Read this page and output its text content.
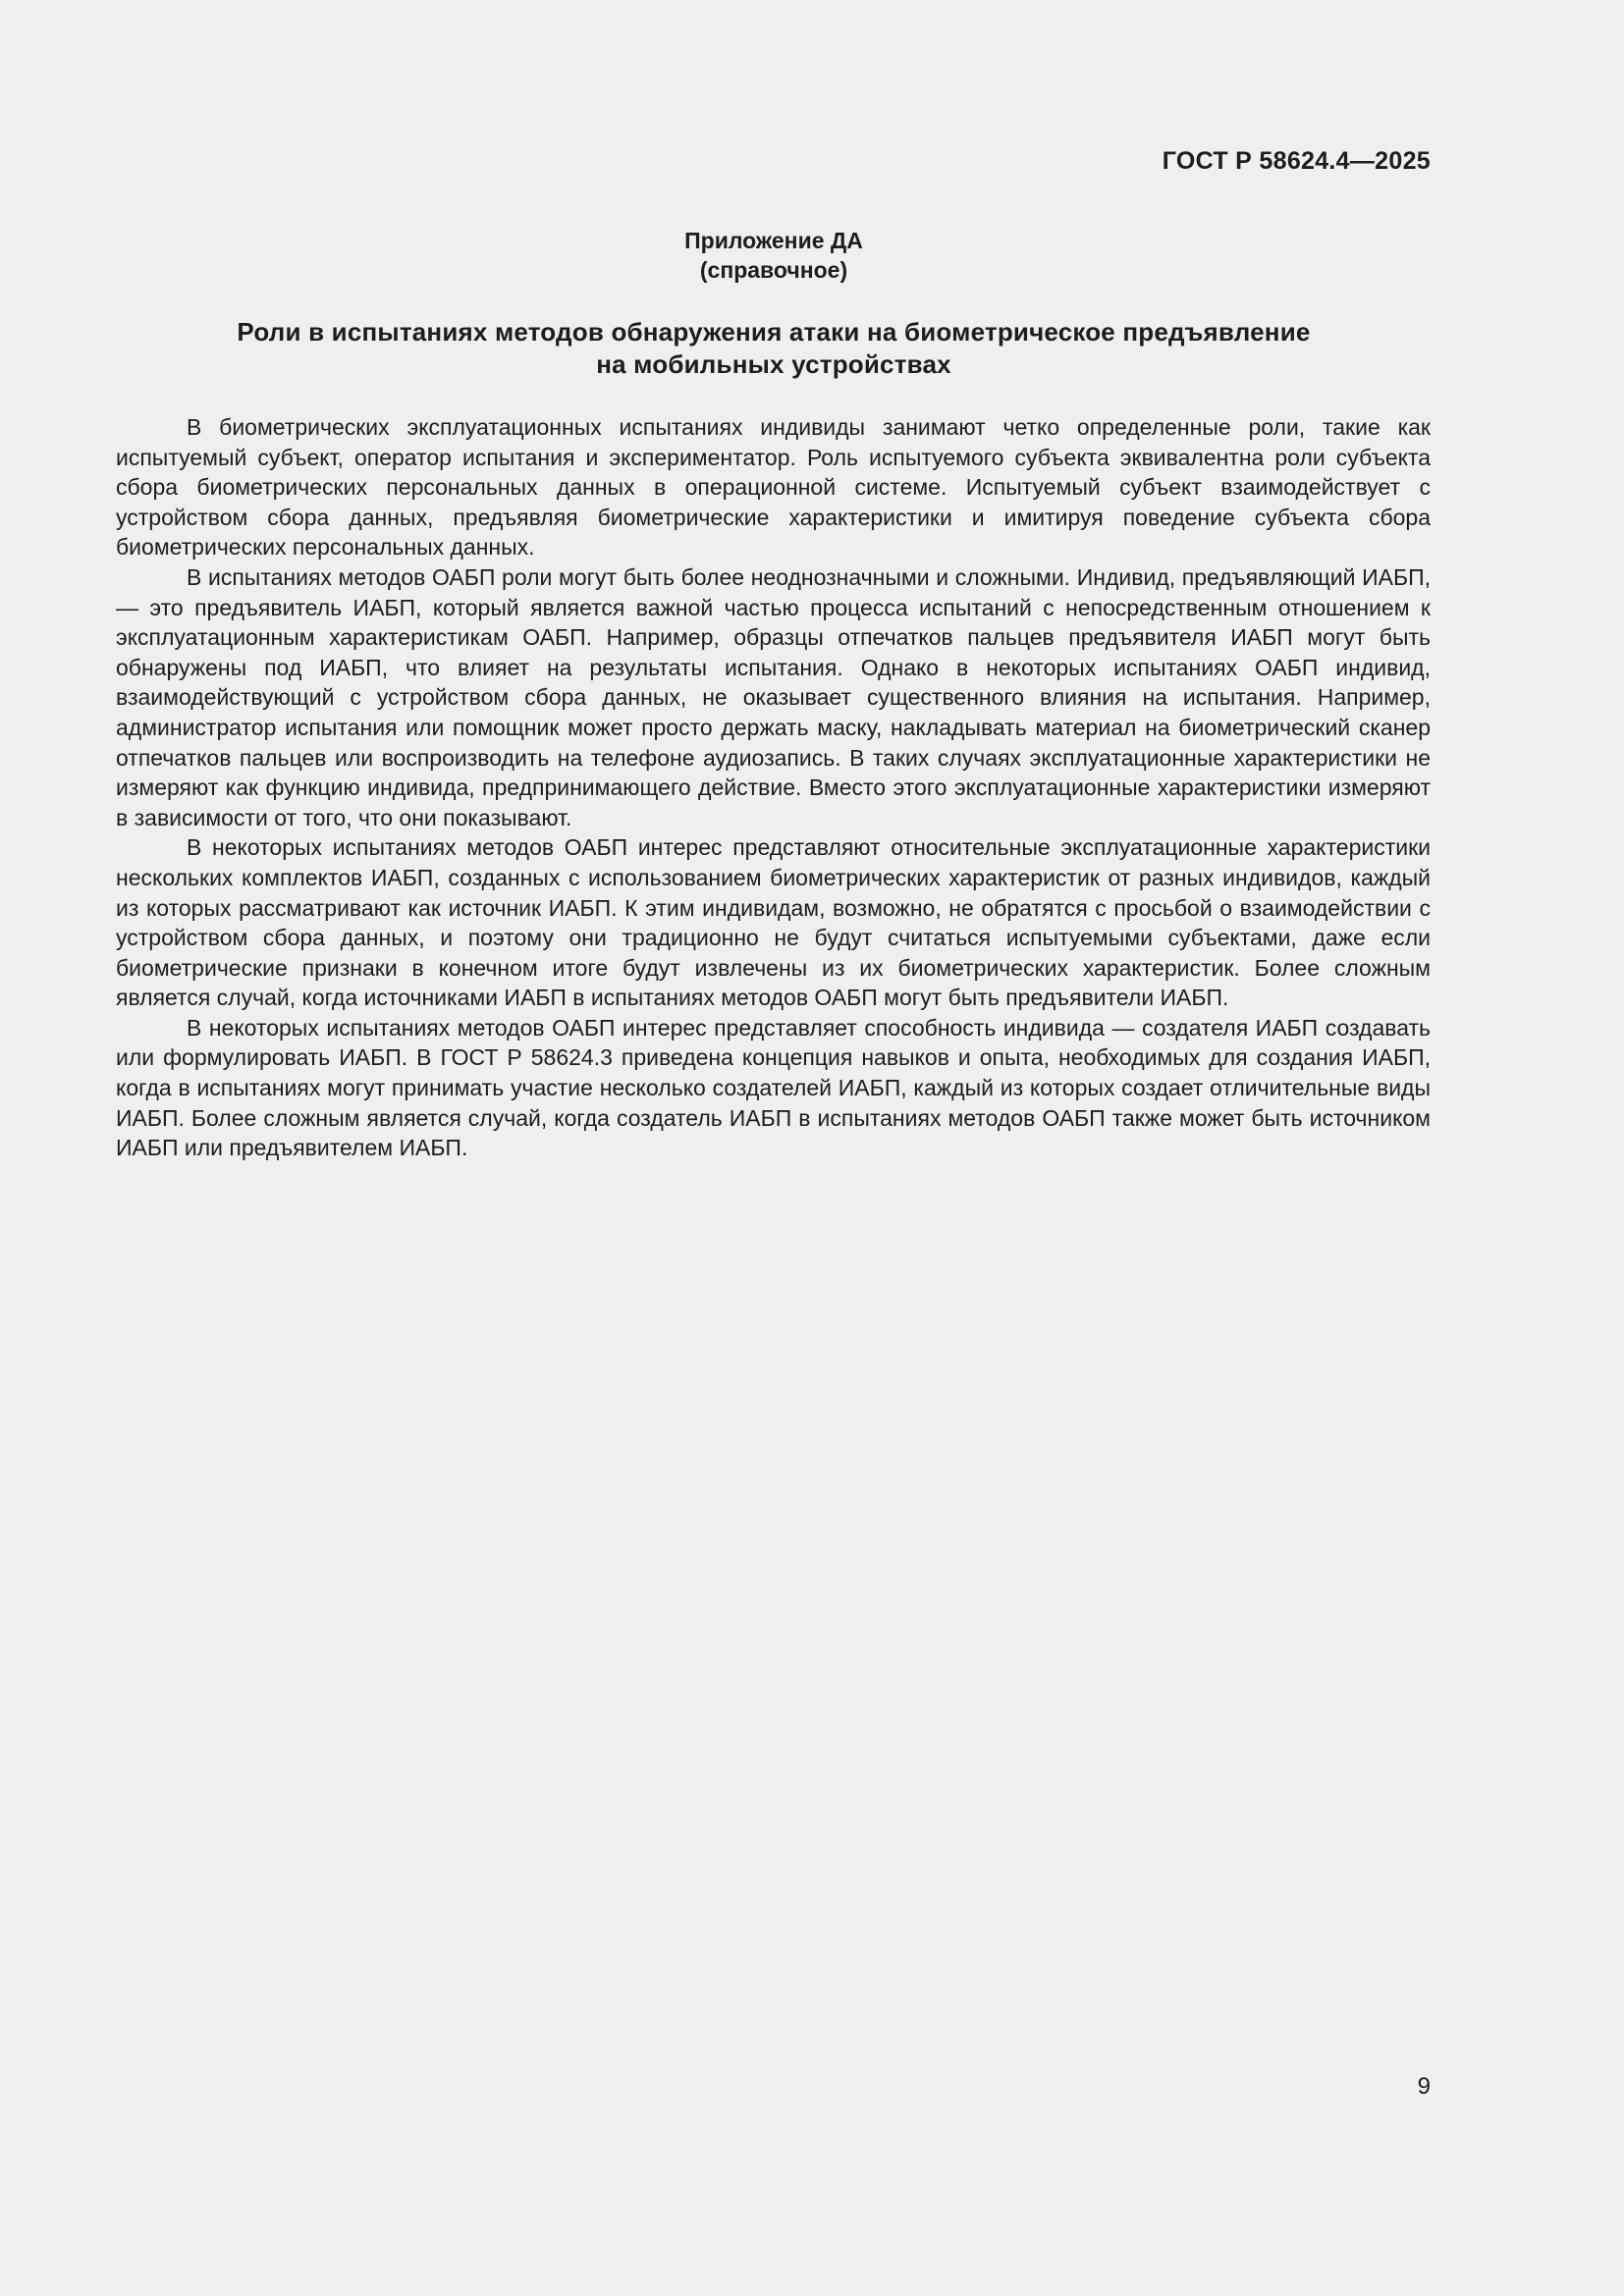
ГОСТ Р 58624.4—2025
Приложение ДА
(справочное)
Роли в испытаниях методов обнаружения атаки на биометрическое предъявление
на мобильных устройствах

В биометрических эксплуатационных испытаниях индивиды занимают четко определенные роли, такие как испытуемый субъект, оператор испытания и экспериментатор. Роль испытуемого субъекта эквивалентна роли субъекта сбора биометрических персональных данных в операционной системе. Испытуемый субъект взаимодействует с устройством сбора данных, предъявляя биометрические характеристики и имитируя поведение субъекта сбора биометрических персональных данных.

В испытаниях методов ОАБП роли могут быть более неоднозначными и сложными. Индивид, предъявляющий ИАБП, — это предъявитель ИАБП, который является важной частью процесса испытаний с непосредственным отношением к эксплуатационным характеристикам ОАБП. Например, образцы отпечатков пальцев предъявителя ИАБП могут быть обнаружены под ИАБП, что влияет на результаты испытания. Однако в некоторых испытаниях ОАБП индивид, взаимодействующий с устройством сбора данных, не оказывает существенного влияния на испытания. Например, администратор испытания или помощник может просто держать маску, накладывать материал на биометрический сканер отпечатков пальцев или воспроизводить на телефоне аудиозапись. В таких случаях эксплуатационные характеристики не измеряют как функцию индивида, предпринимающего действие. Вместо этого эксплуатационные характеристики измеряют в зависимости от того, что они показывают.

В некоторых испытаниях методов ОАБП интерес представляют относительные эксплуатационные характеристики нескольких комплектов ИАБП, созданных с использованием биометрических характеристик от разных индивидов, каждый из которых рассматривают как источник ИАБП. К этим индивидам, возможно, не обратятся с просьбой о взаимодействии с устройством сбора данных, и поэтому они традиционно не будут считаться испытуемыми субъектами, даже если биометрические признаки в конечном итоге будут извлечены из их биометрических характеристик. Более сложным является случай, когда источниками ИАБП в испытаниях методов ОАБП могут быть предъявители ИАБП.

В некоторых испытаниях методов ОАБП интерес представляет способность индивида — создателя ИАБП создавать или формулировать ИАБП. В ГОСТ Р 58624.3 приведена концепция навыков и опыта, необходимых для создания ИАБП, когда в испытаниях могут принимать участие несколько создателей ИАБП, каждый из которых создает отличительные виды ИАБП. Более сложным является случай, когда создатель ИАБП в испытаниях методов ОАБП также может быть источником ИАБП или предъявителем ИАБП.

9
